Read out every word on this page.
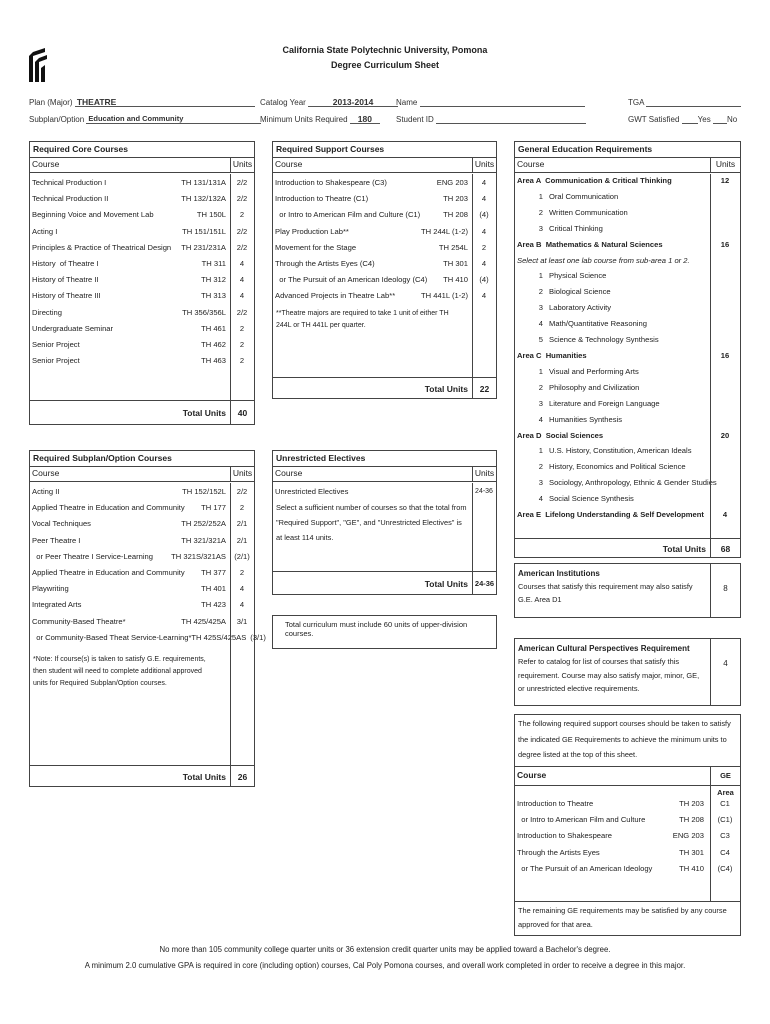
California State Polytechnic University, Pomona
Degree Curriculum Sheet
Plan (Major) THEATRE
Subplan/Option Education and Community
Catalog Year	2013-2014
Minimum Units Required 180
Name
Student ID
TGA
GWT Satisfied Yes No
Required Core Courses
Course	Units
Technical Production I	TH 131/131A	2/2
Technical Production II	TH 132/132A	2/2
Beginning Voice and Movement Lab	TH 150L	2
Acting I	TH 151/151L	2/2
Principles & Practice of Theatrical Design	TH 231/231A	2/2
History  of Theatre I	TH 311	4
History of Theatre II	TH 312	4
History of Theatre III	TH 313	4
Directing	TH 356/356L	2/2
Undergraduate Seminar	TH 461	2
Senior Project	TH 462	2
Senior Project	TH 463	2
Total Units	40
Required Support Courses
Course	Units
Introduction to Shakespeare (C3)	ENG 203	4
Introduction to Theatre (C1)	TH 203	4
or Intro to American Film and Culture (C1)	TH 208	(4)
Play Production Lab**	TH 244L (1-2)	4
Movement for the Stage	TH 254L	2
Through the Artists Eyes (C4)	TH 301	4
or The Pursuit of an American Ideology (C4)	TH 410	(4)
Advanced Projects in Theatre Lab**	TH 441L (1-2)	4
**Theatre majors are required to take 1 unit of either TH 244L or TH 441L per quarter.
Total Units	22
Required Subplan/Option Courses
Course	Units
Acting II	TH 152/152L	2/2
Applied Theatre in Education and Community	TH 177	2
Vocal Techniques	TH 252/252A	2/1
Peer Theatre I	TH 321/321A	2/1
or Peer Theatre I Service-Learning	TH 321S/321AS	(2/1)
Applied Theatre in Education and Community	TH 377	2
Playwriting	TH 401	4
Integrated Arts	TH 423	4
Community-Based Theatre*	TH 425/425A	3/1
or Community-Based Theat Service-Learning* TH 425S/425AS (3/1)
*Note: If course(s) is taken to satisfy G.E. requirements, then student will need to complete additional approved units for Required Subplan/Option courses.
Total Units	26
Unrestricted Electives
Course	Units
Unrestricted Electives	24-36
Select a sufficient number of courses so that the total from "Required Support", "GE", and "Unrestricted Electives" is at least 114 units.
Total Units 24-36
Total curriculum must include 60 units of upper-division courses.
General Education Requirements
Course	Units
Area A  Communication & Critical Thinking	12
1 Oral Communication
2 Written Communication
3 Critical Thinking
Area B  Mathematics & Natural Sciences	16
Select at least one lab course from sub-area 1 or 2.
1 Physical Science
2 Biological Science
3 Laboratory Activity
4 Math/Quantitative Reasoning
5 Science & Technology Synthesis
Area C  Humanities	16
1 Visual and Performing Arts
2 Philosophy and Civilization
3 Literature and Foreign Language
4 Humanities Synthesis
Area D  Social Sciences	20
1 U.S. History, Constitution, American Ideals
2 History, Economics and Political Science
3 Sociology, Anthropology, Ethnic & Gender Studies
4 Social Science Synthesis
Area E  Lifelong Understanding & Self Development	4
Total Units	68
American Institutions
Courses that satisfy this requirement may also satisfy G.E. Area D1
8
American Cultural Perspectives Requirement
Refer to catalog for list of courses that satisfy this requirement. Course may also satisfy major, minor, GE, or unrestricted elective requirements.
4
The following required support courses should be taken to satisfy the indicated GE Requirements to achieve the minimum units to degree listed at the top of this sheet.
Course	GE Area
Introduction to Theatre	TH 203	C1
or Intro to American Film and Culture	TH 208	(C1)
Introduction to Shakespeare	ENG 203	C3
Through the Artists Eyes	TH 301	C4
or The Pursuit of an American Ideology	TH 410	(C4)
The remaining GE requirements may be satisfied by any course approved for that area.
No more than 105 community college quarter units or 36 extension credit quarter units may be applied toward a Bachelor's degree.
A minimum 2.0 cumulative GPA is required in core (including option) courses, Cal Poly Pomona courses, and overall work completed in order to receive a degree in this major.
